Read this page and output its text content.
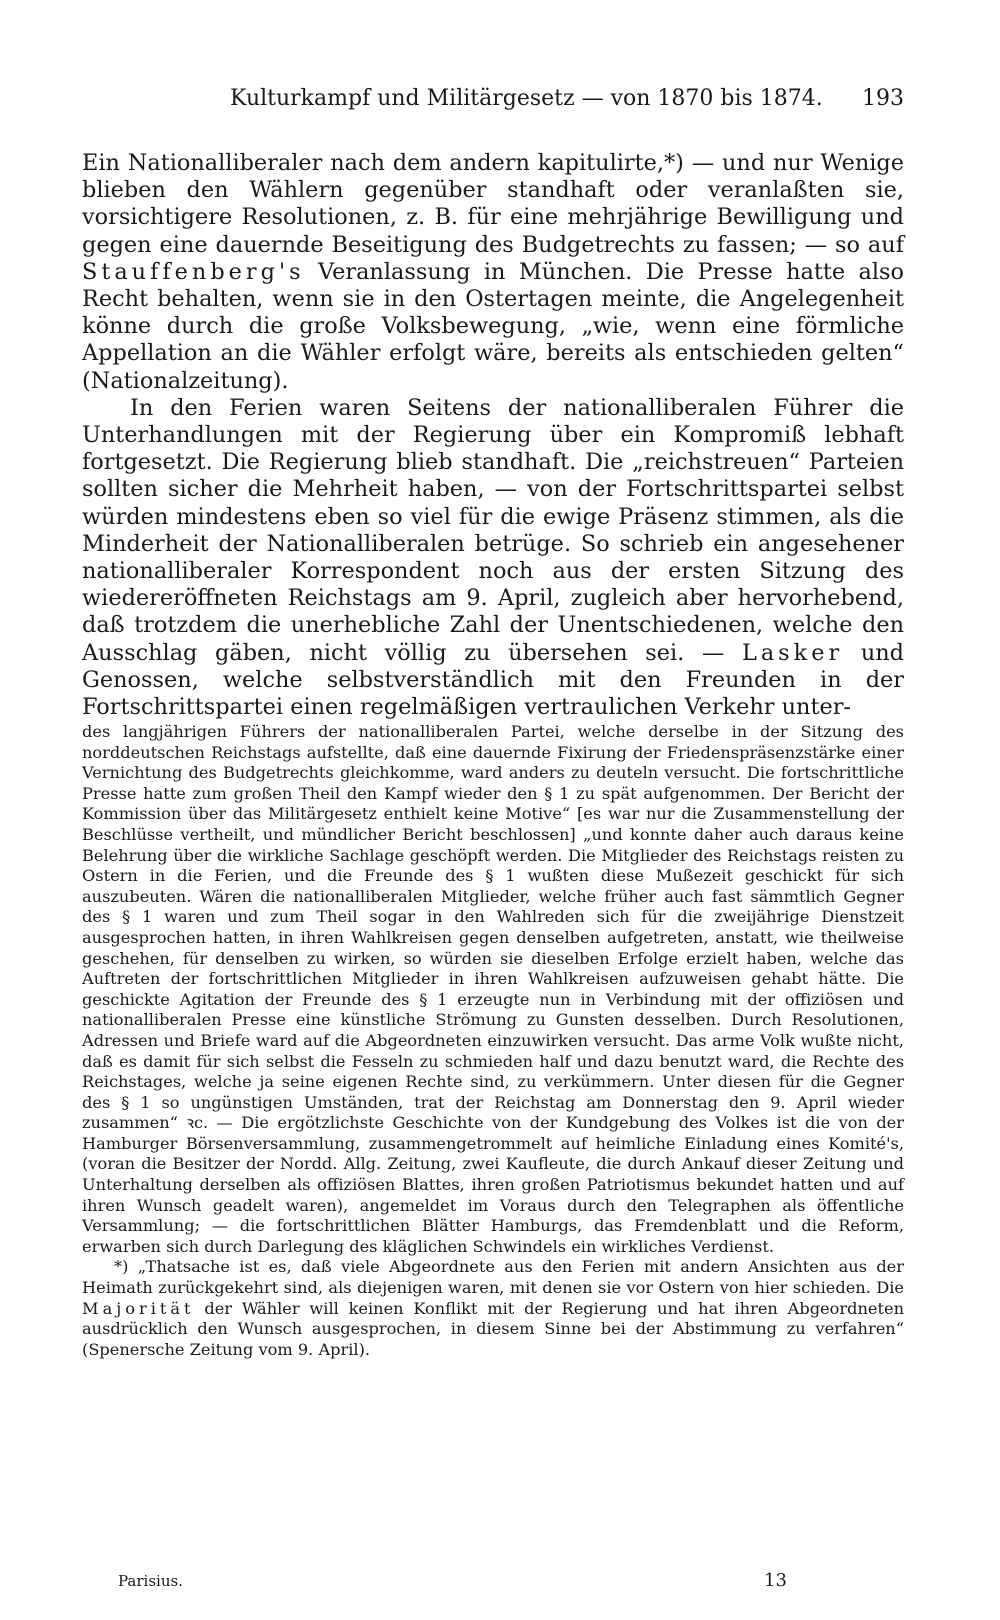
Kulturkampf und Militärgesetz — von 1870 bis 1874. 193

Ein Nationalliberaler nach dem andern kapitulirte,*) — und nur Wenige blieben den Wählern gegenüber standhaft oder veranlaßten sie, vorsichtigere Resolutionen, z. B. für eine mehrjährige Bewilligung und gegen eine dauernde Beseitigung des Budgetrechts zu fassen; — so auf Stauffenberg's Veranlassung in München. Die Presse hatte also Recht behalten, wenn sie in den Ostertagen meinte, die Angelegenheit könne durch die große Volksbewegung, „wie, wenn eine förmliche Appellation an die Wähler erfolgt wäre, bereits als entschieden gelten“ (Nationalzeitung).

In den Ferien waren Seitens der nationalliberalen Führer die Unterhandlungen mit der Regierung über ein Kompromiß lebhaft fortgesetzt. Die Regierung blieb standhaft. Die „reichstreuen“ Parteien sollten sicher die Mehrheit haben, — von der Fortschrittspartei selbst würden mindestens eben so viel für die ewige Präsenz stimmen, als die Minderheit der Nationalliberalen betrüge. So schrieb ein angesehener nationalliberaler Korrespondent noch aus der ersten Sitzung des wiedereröffneten Reichstags am 9. April, zugleich aber hervorhebend, daß trotzdem die unerhebliche Zahl der Unentschiedenen, welche den Ausschlag gäben, nicht völlig zu übersehen sei. — Lasker und Genossen, welche selbstverständlich mit den Freunden in der Fortschrittspartei einen regelmäßigen vertraulichen Verkehr unter-

des langjährigen Führers der nationalliberalen Partei, welche derselbe in der Sitzung des norddeutschen Reichstags aufstellte, daß eine dauernde Fixirung der Friedenspräsenzstärke einer Vernichtung des Budgetrechts gleichkomme, ward anders zu deuteln versucht. Die fortschrittliche Presse hatte zum großen Theil den Kampf wieder den § 1 zu spät aufgenommen. Der Bericht der Kommission über das Militärgesetz enthielt keine Motive“ [es war nur die Zusammenstellung der Beschlüsse vertheilt, und mündlicher Bericht beschlossen] „und konnte daher auch daraus keine Belehrung über die wirkliche Sachlage geschöpft werden. Die Mitglieder des Reichstags reisten zu Ostern in die Ferien, und die Freunde des § 1 wußten diese Mußezeit geschickt für sich auszubeuten. Wären die nationalliberalen Mitglieder, welche früher auch fast sämmtlich Gegner des § 1 waren und zum Theil sogar in den Wahlreden sich für die zweijährige Dienstzeit ausgesprochen hatten, in ihren Wahlkreisen gegen denselben aufgetreten, anstatt, wie theilweise geschehen, für denselben zu wirken, so würden sie dieselben Erfolge erzielt haben, welche das Auftreten der fortschrittlichen Mitglieder in ihren Wahlkreisen aufzuweisen gehabt hätte. Die geschickte Agitation der Freunde des § 1 erzeugte nun in Verbindung mit der offiziösen und nationalliberalen Presse eine künstliche Strömung zu Gunsten desselben. Durch Resolutionen, Adressen und Briefe ward auf die Abgeordneten einzuwirken versucht. Das arme Volk wußte nicht, daß es damit für sich selbst die Fesseln zu schmieden half und dazu benutzt ward, die Rechte des Reichstages, welche ja seine eigenen Rechte sind, zu verkümmern. Unter diesen für die Gegner des § 1 so ungünstigen Umständen, trat der Reichstag am Donnerstag den 9. April wieder zusammen“ ꝛc. — Die ergötzlichste Geschichte von der Kundgebung des Volkes ist die von der Hamburger Börsenversammlung, zusammengetrommelt auf heimliche Einladung eines Komité's, (voran die Besitzer der Nordd. Allg. Zeitung, zwei Kaufleute, die durch Ankauf dieser Zeitung und Unterhaltung derselben als offiziösen Blattes, ihren großen Patriotismus bekundet hatten und auf ihren Wunsch geadelt waren), angemeldet im Voraus durch den Telegraphen als öffentliche Versammlung; — die fortschrittlichen Blätter Hamburgs, das Fremdenblatt und die Reform, erwarben sich durch Darlegung des kläglichen Schwindels ein wirkliches Verdienst.

*) „Thatsache ist es, daß viele Abgeordnete aus den Ferien mit andern Ansichten aus der Heimath zurückgekehrt sind, als diejenigen waren, mit denen sie vor Ostern von hier schieden. Die Majorität der Wähler will keinen Konflikt mit der Regierung und hat ihren Abgeordneten ausdrücklich den Wunsch ausgesprochen, in diesem Sinne bei der Abstimmung zu verfahren“ (Spenersche Zeitung vom 9. April).

Parisius.	13
